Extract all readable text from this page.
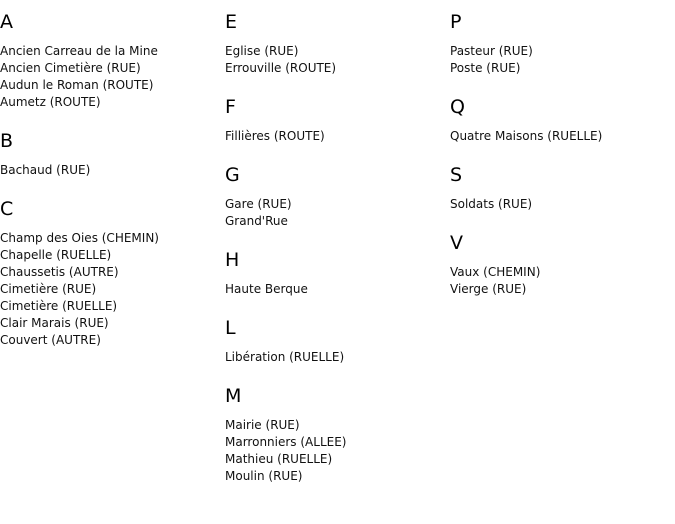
A
Ancien Carreau de la Mine
Ancien Cimetière (RUE)
Audun le Roman (ROUTE)
Aumetz (ROUTE)
B
Bachaud (RUE)
C
Champ des Oies (CHEMIN)
Chapelle (RUELLE)
Chaussetis (AUTRE)
Cimetière (RUE)
Cimetière (RUELLE)
Clair Marais (RUE)
Couvert (AUTRE)
E
Eglise (RUE)
Errouville (ROUTE)
F
Fillières (ROUTE)
G
Gare (RUE)
Grand'Rue
H
Haute Berque
L
Libération (RUELLE)
M
Mairie (RUE)
Marronniers (ALLEE)
Mathieu (RUELLE)
Moulin (RUE)
P
Pasteur (RUE)
Poste (RUE)
Q
Quatre Maisons (RUELLE)
S
Soldats (RUE)
V
Vaux (CHEMIN)
Vierge (RUE)
